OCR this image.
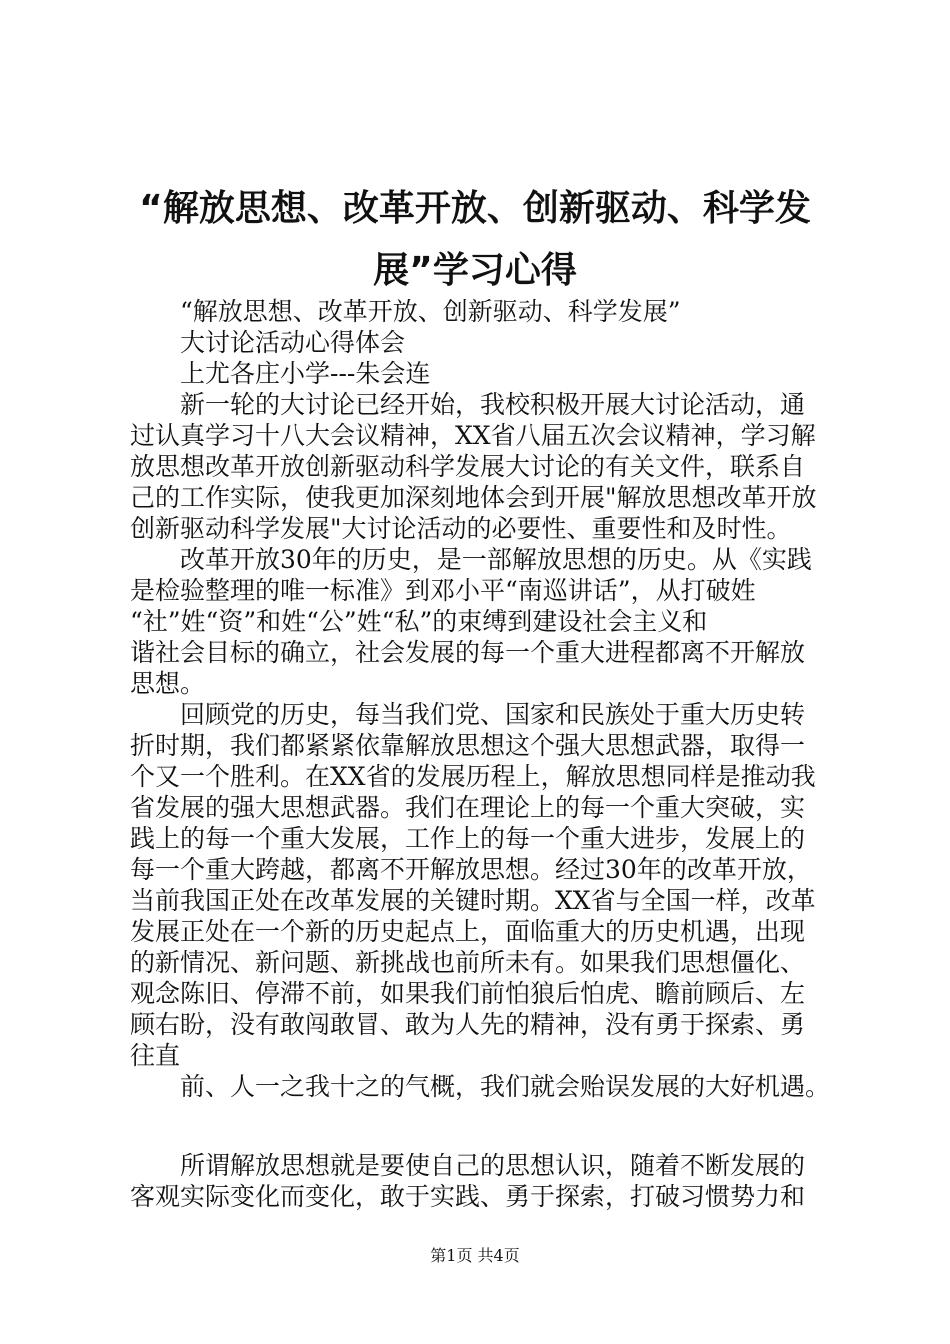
“解放思想、改革开放、创新驱动、科学发
展”学习心得
“解放思想、改革开放、创新驱动、科学发展”
大讨论活动心得体会
上尤各庄小学---朱会连
新一轮的大讨论已经开始，我校积极开展大讨论活动，通
过认真学习十八大会议精神，XX省八届五次会议精神，学习解
放思想改革开放创新驱动科学发展大讨论的有关文件，联系自
己的工作实际，使我更加深刻地体会到开展"解放思想改革开放
创新驱动科学发展"大讨论活动的必要性、重要性和及时性。
改革开放30年的历史，是一部解放思想的历史。从《实践
是检验整理的唯一标准》到邓小平“南巡讲话”，从打破姓
“社”姓“资”和姓“公”姓“私”的束缚到建设社会主义和
谐社会目标的确立，社会发展的每一个重大进程都离不开解放
思想。
回顾党的历史，每当我们党、国家和民族处于重大历史转
折时期，我们都紧紧依靠解放思想这个强大思想武器，取得一
个又一个胜利。在XX省的发展历程上，解放思想同样是推动我
省发展的强大思想武器。我们在理论上的每一个重大突破，实
践上的每一个重大发展，工作上的每一个重大进步，发展上的
每一个重大跨越，都离不开解放思想。经过30年的改革开放，
当前我国正处在改革发展的关键时期。XX省与全国一样，改革
发展正处在一个新的历史起点上，面临重大的历史机遇，出现
的新情况、新问题、新挑战也前所未有。如果我们思想僵化、
观念陈旧、停滞不前，如果我们前怕狼后怕虎、瞻前顾后、左
顾右盼，没有敢闯敢冒、敢为人先的精神，没有勇于探索、勇
往直
前、人一之我十之的气概，我们就会贻误发展的大好机遇。
所谓解放思想就是要使自己的思想认识，随着不断发展的
客观实际变化而变化，敢于实践、勇于探索，打破习惯势力和
第1页 共4页
